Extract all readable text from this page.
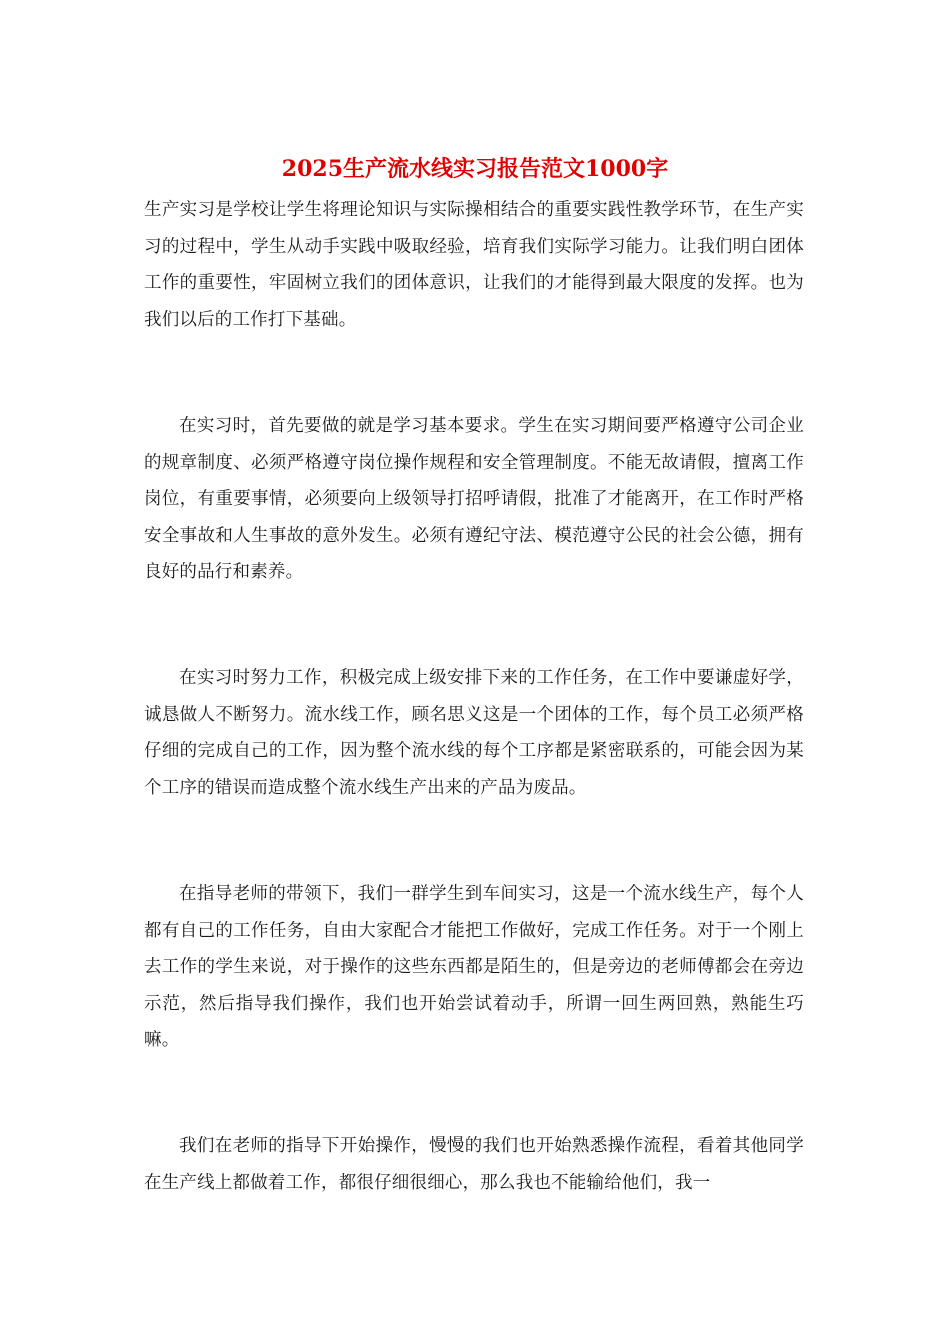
2025生产流水线实习报告范文1000字

生产实习是学校让学生将理论知识与实际操相结合的重要实践性教学环节，在生产实习的过程中，学生从动手实践中吸取经验，培育我们实际学习能力。让我们明白团体工作的重要性，牢固树立我们的团体意识，让我们的才能得到最大限度的发挥。也为我们以后的工作打下基础。

在实习时，首先要做的就是学习基本要求。学生在实习期间要严格遵守公司企业的规章制度、必须严格遵守岗位操作规程和安全管理制度。不能无故请假，擅离工作岗位，有重要事情，必须要向上级领导打招呼请假，批准了才能离开，在工作时严格安全事故和人生事故的意外发生。必须有遵纪守法、模范遵守公民的社会公德，拥有良好的品行和素养。

在实习时努力工作，积极完成上级安排下来的工作任务，在工作中要谦虚好学，诚恳做人不断努力。流水线工作，顾名思义这是一个团体的工作，每个员工必须严格仔细的完成自己的工作，因为整个流水线的每个工序都是紧密联系的，可能会因为某个工序的错误而造成整个流水线生产出来的产品为废品。

在指导老师的带领下，我们一群学生到车间实习，这是一个流水线生产，每个人都有自己的工作任务，自由大家配合才能把工作做好，完成工作任务。对于一个刚上去工作的学生来说，对于操作的这些东西都是陌生的，但是旁边的老师傅都会在旁边示范，然后指导我们操作，我们也开始尝试着动手，所谓一回生两回熟，熟能生巧嘛。

我们在老师的指导下开始操作，慢慢的我们也开始熟悉操作流程，看着其他同学在生产线上都做着工作，都很仔细很细心，那么我也不能输给他们，我一
